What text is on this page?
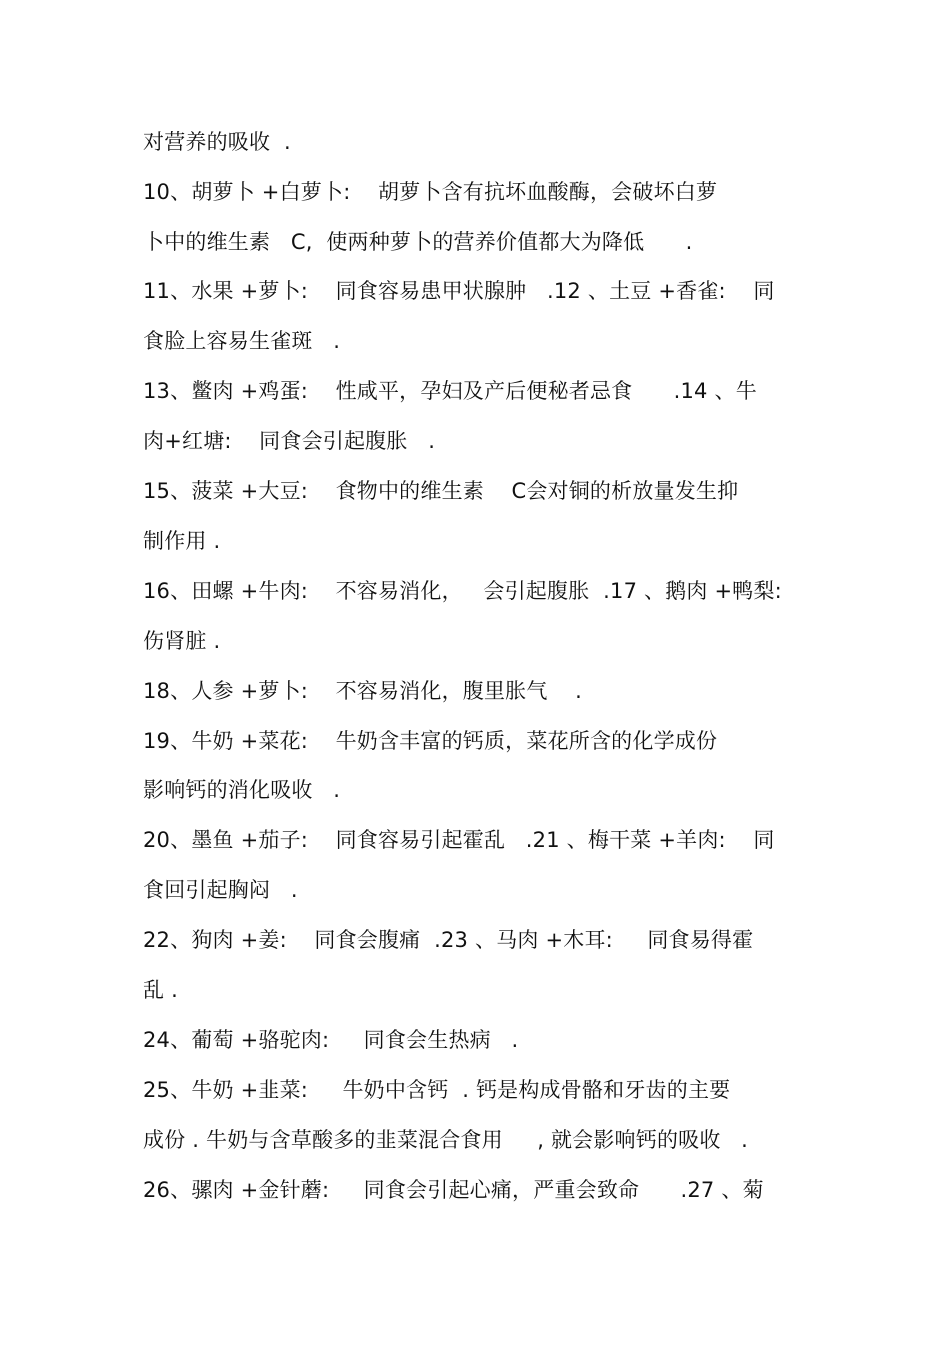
对营养的吸收  .
10、胡萝卜 +白萝卜:    胡萝卜含有抗坏血酸酶，会破坏白萝
卜中的维生素   C,  使两种萝卜的营养价值都大为降低      .
11、水果 +萝卜:    同食容易患甲状腺肿   .12 、土豆 +香雀:    同
食脸上容易生雀斑   .
13、鳖肉 +鸡蛋:    性咸平，孕妇及产后便秘者忌食      .14 、牛
肉+红塘:    同食会引起腹胀   .
15、菠菜 +大豆:    食物中的维生素    C会对铜的析放量发生抑
制作用 .
16、田螺 +牛肉:    不容易消化，   会引起腹胀  .17 、鹅肉 +鸭梨:
伤肾脏 .
18、人参 +萝卜:    不容易消化，腹里胀气    .
19、牛奶 +菜花:    牛奶含丰富的钙质，菜花所含的化学成份
影响钙的消化吸收   .
20、墨鱼 +茄子:    同食容易引起霍乱   .21 、梅干菜 +羊肉:    同
食回引起胸闷   .
22、狗肉 +姜:    同食会腹痛  .23 、马肉 +木耳:     同食易得霍
乱 .
24、葡萄 +骆驼肉:     同食会生热病   .
25、牛奶 +韭菜:     牛奶中含钙  . 钙是构成骨骼和牙齿的主要
成份 . 牛奶与含草酸多的韭菜混合食用     , 就会影响钙的吸收   .
26、骡肉 +金针蘑:     同食会引起心痛，严重会致命      .27 、菊
